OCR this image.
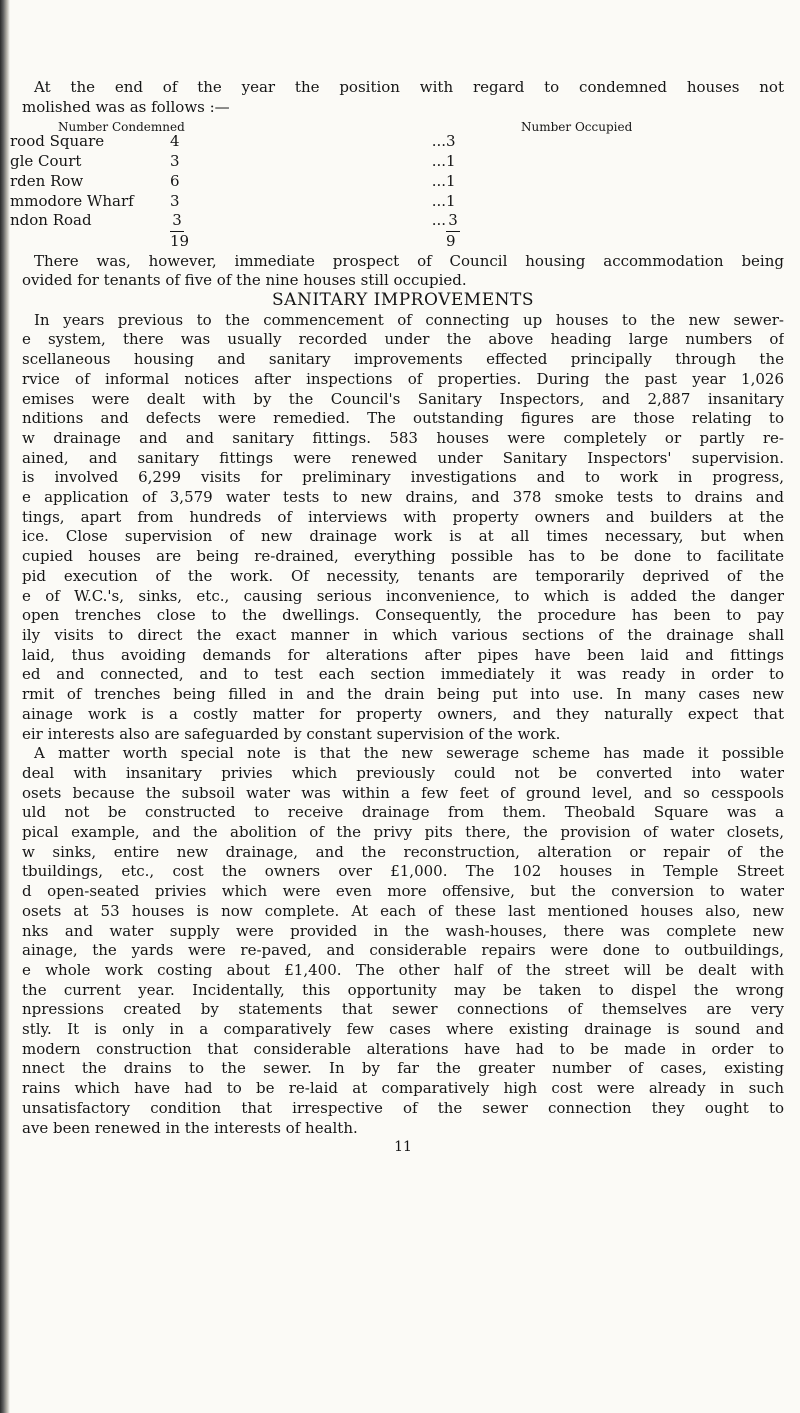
At the end of the year the position with regard to condemned houses not
molished was as follows :—
Number Condemned	Number Occupied
rood Square	4	...	3
gle Court	3	...	1
rden Row	6	...	1
mmodore Wharf	3	...	1
ndon Road	3	...	3
	19		9
There was, however, immediate prospect of Council housing accommodation being
ovided for tenants of five of the nine houses still occupied.
SANITARY IMPROVEMENTS
In years previous to the commencement of connecting up houses to the new sewer-
e system, there was usually recorded under the above heading large numbers of
scellaneous housing and sanitary improvements effected principally through the
rvice of informal notices after inspections of properties. During the past year 1,026
emises were dealt with by the Council's Sanitary Inspectors, and 2,887 insanitary
nditions and defects were remedied. The outstanding figures are those relating to
w drainage and and sanitary fittings. 583 houses were completely or partly re-
ained, and sanitary fittings were renewed under Sanitary Inspectors' supervision.
is involved 6,299 visits for preliminary investigations and to work in progress,
e application of 3,579 water tests to new drains, and 378 smoke tests to drains and
tings, apart from hundreds of interviews with property owners and builders at the
ice. Close supervision of new drainage work is at all times necessary, but when
cupied houses are being re-drained, everything possible has to be done to facilitate
pid execution of the work. Of necessity, tenants are temporarily deprived of the
e of W.C.'s, sinks, etc., causing serious inconvenience, to which is added the danger
open trenches close to the dwellings. Consequently, the procedure has been to pay
ily visits to direct the exact manner in which various sections of the drainage shall
laid, thus avoiding demands for alterations after pipes have been laid and fittings
ed and connected, and to test each section immediately it was ready in order to
rmit of trenches being filled in and the drain being put into use. In many cases new
ainage work is a costly matter for property owners, and they naturally expect that
eir interests also are safeguarded by constant supervision of the work.
A matter worth special note is that the new sewerage scheme has made it possible
deal with insanitary privies which previously could not be converted into water
osets because the subsoil water was within a few feet of ground level, and so cesspools
uld not be constructed to receive drainage from them. Theobald Square was a
pical example, and the abolition of the privy pits there, the provision of water closets,
w sinks, entire new drainage, and the reconstruction, alteration or repair of the
tbuildings, etc., cost the owners over £1,000. The 102 houses in Temple Street
d open-seated privies which were even more offensive, but the conversion to water
osets at 53 houses is now complete. At each of these last mentioned houses also, new
nks and water supply were provided in the wash-houses, there was complete new
ainage, the yards were re-paved, and considerable repairs were done to outbuildings,
e whole work costing about £1,400. The other half of the street will be dealt with
the current year. Incidentally, this opportunity may be taken to dispel the wrong
npressions created by statements that sewer connections of themselves are very
stly. It is only in a comparatively few cases where existing drainage is sound and
modern construction that considerable alterations have had to be made in order to
nnect the drains to the sewer. In by far the greater number of cases, existing
rains which have had to be re-laid at comparatively high cost were already in such
unsatisfactory condition that irrespective of the sewer connection they ought to
ave been renewed in the interests of health.
11
